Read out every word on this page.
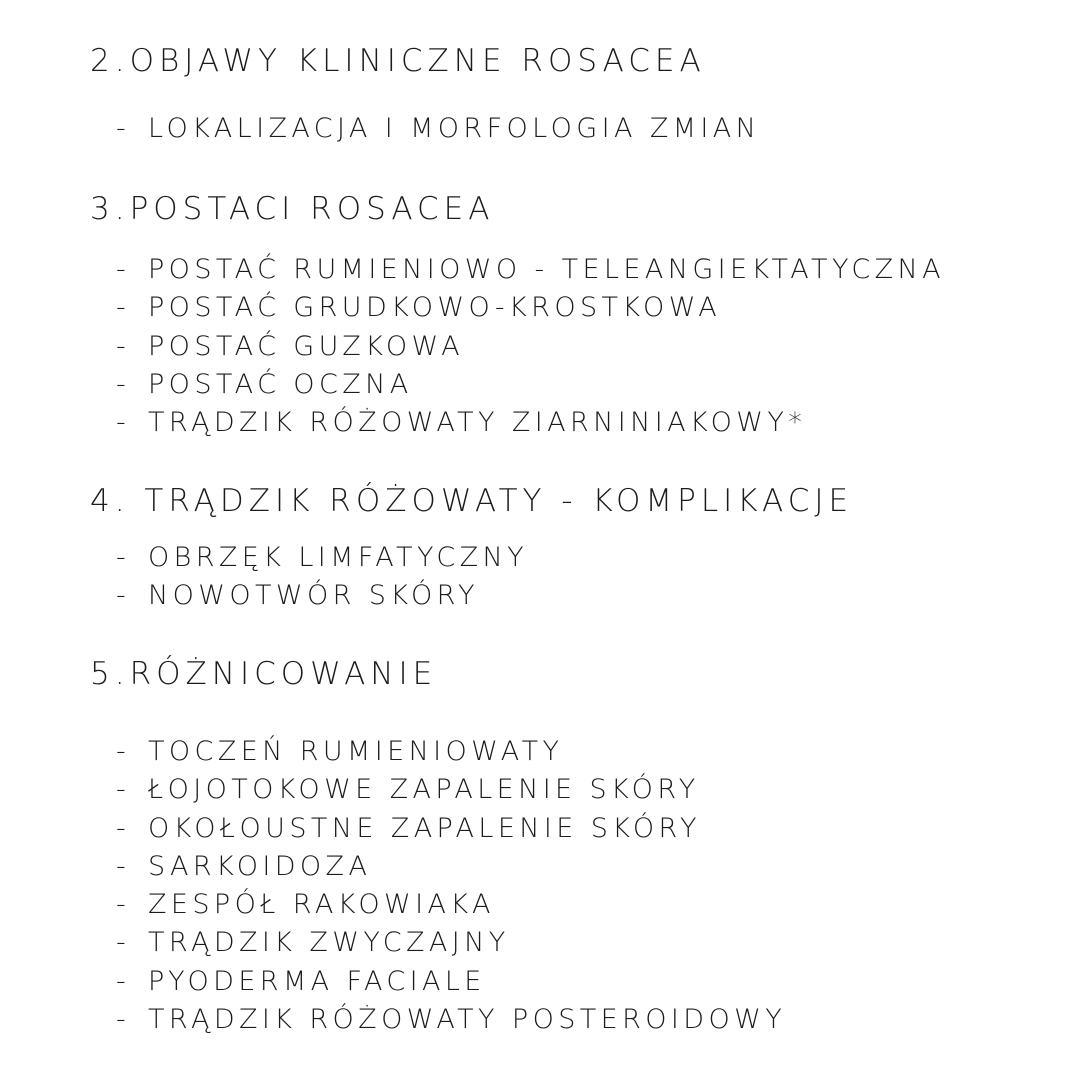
2.OBJAWY KLINICZNE ROSACEA
- LOKALIZACJA I MORFOLOGIA ZMIAN
3.POSTACI ROSACEA
- POSTAĆ RUMIENIOWO - TELEANGIEKTATYCZNA
- POSTAĆ GRUDKOWO-KROSTKOWA
- POSTAĆ GUZKOWA
- POSTAĆ OCZNA
- TRĄDZIK RÓŻOWATY ZIARNINIAKOWY*
4. TRĄDZIK RÓŻOWATY - KOMPLIKACJE
- OBRZĘK LIMFATYCZNY
- NOWOTWÓR SKÓRY
5.RÓŻNICOWANIE
- TOCZEŃ RUMIENIOWATY
- ŁOJOTOKOWE ZAPALENIE SKÓRY
- OKOŁOUSTNE ZAPALENIE SKÓRY
- SARKOIDOZA
- ZESPÓŁ RAKOWIAKA
- TRĄDZIK ZWYCZAJNY
- PYODERMA FACIALE
- TRĄDZIK RÓŻOWATY POSTEROIDOWY
